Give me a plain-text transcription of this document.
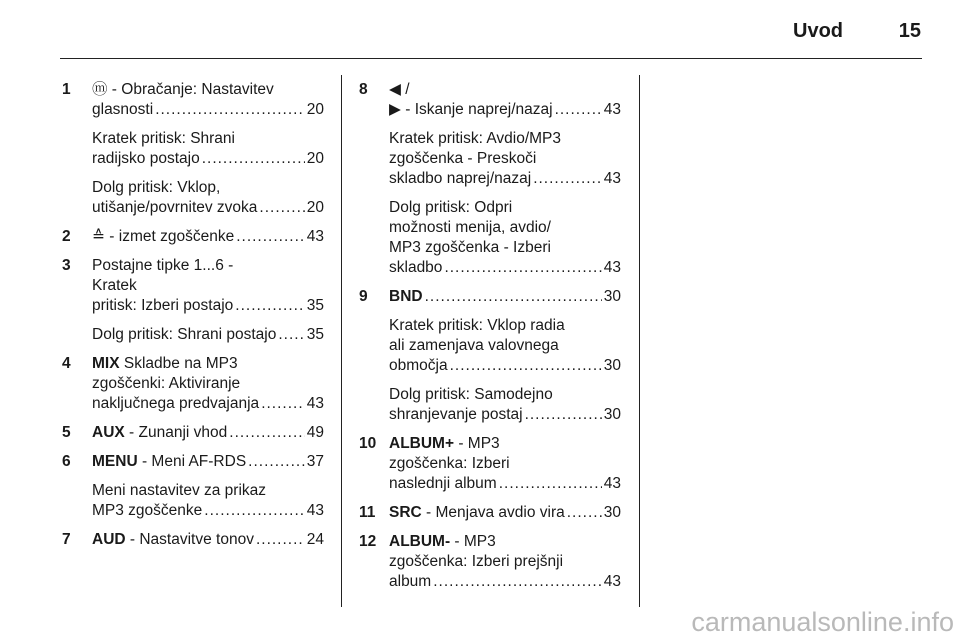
Uvod	15
1 ⓜ - Obračanje: Nastavitev
glasnosti .....	20
Kratek pritisk: Shrani
radijsko postajo .....	20
Dolg pritisk: Vklop,
utišanje/povrnitev zvoka .....	20
2 ≙ - izmet zgoščenke .....	43
3 Postajne tipke 1...6 -
Kratek
pritisk: Izberi postajo .....	35
Dolg pritisk: Shrani postajo ..... 35
4 MIX Skladbe na MP3
zgoščenki: Aktiviranje
naključnega predvajanja .....	43
5 AUX - Zunanji vhod .....	49
6 MENU - Meni AF-RDS .....	37
Meni nastavitev za prikaz
MP3 zgoščenke .....	43
7 AUD - Nastavitve tonov .....	24
8 ◀ /
▶ - Iskanje naprej/nazaj .....	43
Kratek pritisk: Avdio/MP3
zgoščenka - Preskoči
skladbo naprej/nazaj .....	43
Dolg pritisk: Odpri
možnosti menija, avdio/
MP3 zgoščenka - Izberi
skladbo .....	43
9 BND .....	30
Kratek pritisk: Vklop radia
ali zamenjava valovnega
območja .....	30
Dolg pritisk: Samodejno
shranjevanje postaj .....	30
10 ALBUM+ - MP3
zgoščenka: Izberi
naslednji album .....	43
11 SRC - Menjava avdio vira .....	30
12 ALBUM- - MP3
zgoščenka: Izberi prejšnji
album .....	43
carmanualsonline.info
